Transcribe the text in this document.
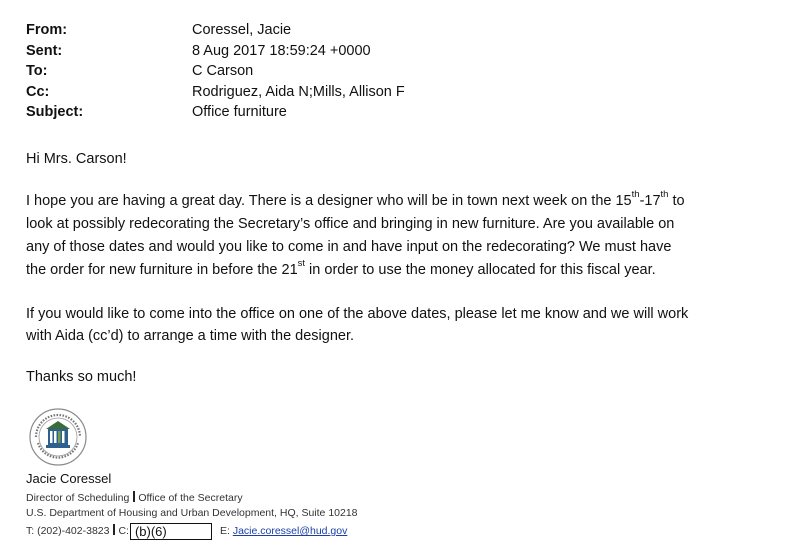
From:	Coressel, Jacie
Sent:	8 Aug 2017 18:59:24 +0000
To:	C Carson
Cc:	Rodriguez, Aida N;Mills, Allison F
Subject:	Office furniture
Hi Mrs. Carson!
I hope you are having a great day. There is a designer who will be in town next week on the 15th-17th to
look at possibly redecorating the Secretary’s office and bringing in new furniture. Are you available on
any of those dates and would you like to come in and have input on the redecorating? We must have
the order for new furniture in before the 21st in order to use the money allocated for this fiscal year.
If you would like to come into the office on one of the above dates, please let me know and we will work
with Aida (cc’d) to arrange a time with the designer.
Thanks so much!
Jacie Coressel
Director of Scheduling Office of the Secretary
U.S. Department of Housing and Urban Development, HQ, Suite 10218
T: (202)-402-3823 C: (b)(6)	E: Jacie.coressel@hud.gov
